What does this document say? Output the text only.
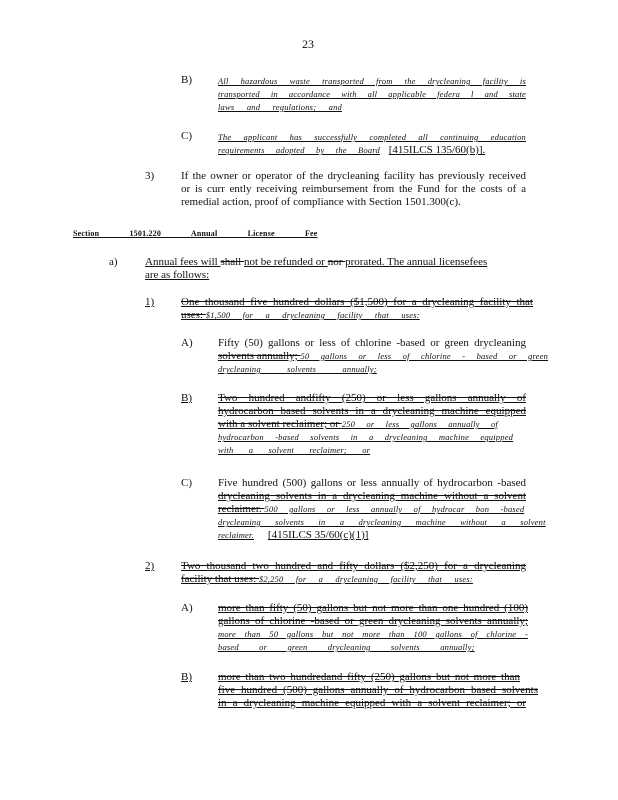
23
B)	All hazardous waste transported from the drycleaning facility is
transported in accordance with all applicable federa l and state
laws and regulations; and
C)	The applicant has successfully completed all continuing education
requirements adopted by the Board [415ILCS 135/60(b)].
3) If the owner or operator of the drycleaning facility has previously received
or is curr ently receiving reimbursement from the Fund for the costs of a
remedial action, proof of compliance with Section 1501.300(c).
Section 1501.220 Annual License Fee
a) Annual fees will shall not be refunded or nor prorated. The annual licensefees
are as follows:
1) One thousand five hundred dollars ($1,500) for a drycleaning facility that
uses: $1,500 for a drycleaning facility that uses:
A) Fifty (50) gallons or less of chlorine -based or green drycleaning
solvents annually; 50 gallons or less of chlorine - based or green
drycleaning solvents annually;
B) Two hundred andfifty (250) or less gallons annually of
hydrocarbon based solvents in a drycleaning machine equipped
with a solvent reclaimer; or 250 or less gallons annually of
hydrocarbon -based solvents in a drycleaning machine equipped
with a solvent reclaimer; or
C) Five hundred (500) gallons or less annually of hydrocarbon -based
drycleaning solvents in a drycleaning machine without a solvent
reclaimer. 500 gallons or less annually of hydrocar bon -based
drycleaning solvents in a drycleaning machine without a solvent
reclaimer. [415ILCS 35/60(c)(1)]
2) Two thousand two hundred and fifty dollars ($2,250) for a drycleaning
facility that uses: $2,250 for a drycleaning facility that uses:
A) more than fifty (50) gallons but not more than one hundred (100)
gallons of chlorine -based or green drycleaning solvents annually;
more than 50 gallons but not more than 100 gallons of chlorine -
based or green drycleaning solvents annually;
B) more than two hundredand fifty (250) gallons but not more than
five hundred (500) gallons annually of hydrocarbon based solvents
in a drycleaning machine equipped with a solvent reclaimer; or
